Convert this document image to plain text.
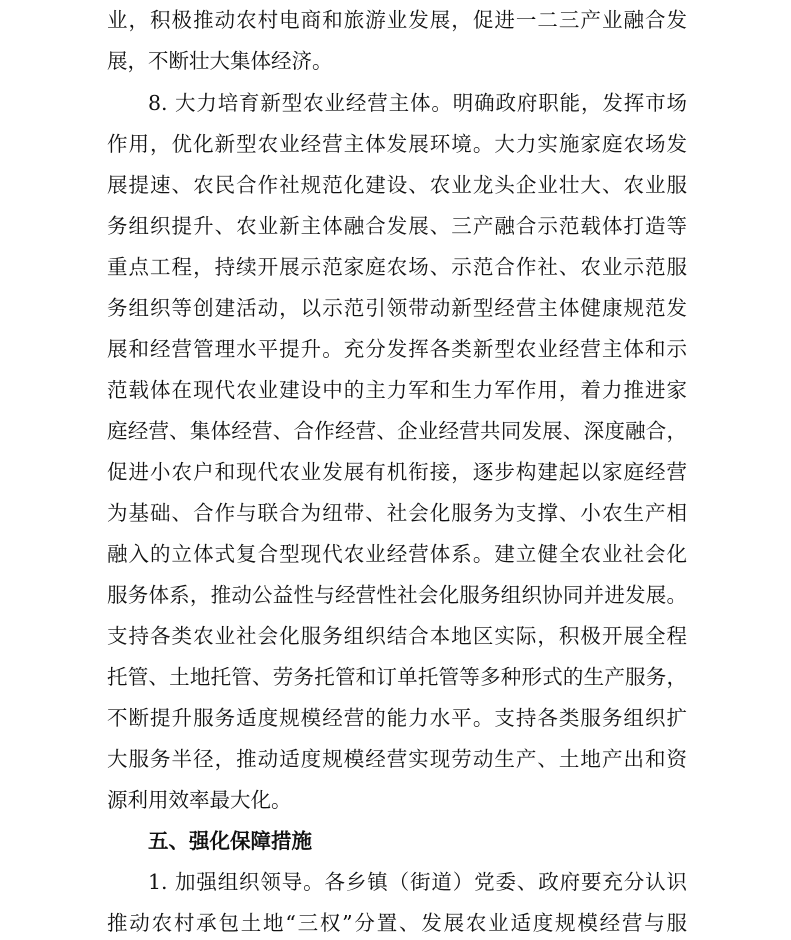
业，积极推动农村电商和旅游业发展，促进一二三产业融合发
展，不断壮大集体经济。
8. 大力培育新型农业经营主体。明确政府职能，发挥市场
作用，优化新型农业经营主体发展环境。大力实施家庭农场发
展提速、农民合作社规范化建设、农业龙头企业壮大、农业服
务组织提升、农业新主体融合发展、三产融合示范载体打造等
重点工程，持续开展示范家庭农场、示范合作社、农业示范服
务组织等创建活动，以示范引领带动新型经营主体健康规范发
展和经营管理水平提升。充分发挥各类新型农业经营主体和示
范载体在现代农业建设中的主力军和生力军作用，着力推进家
庭经营、集体经营、合作经营、企业经营共同发展、深度融合，
促进小农户和现代农业发展有机衔接，逐步构建起以家庭经营
为基础、合作与联合为纽带、社会化服务为支撑、小农生产相
融入的立体式复合型现代农业经营体系。建立健全农业社会化
服务体系，推动公益性与经营性社会化服务组织协同并进发展。
支持各类农业社会化服务组织结合本地区实际，积极开展全程
托管、土地托管、劳务托管和订单托管等多种形式的生产服务，
不断提升服务适度规模经营的能力水平。支持各类服务组织扩
大服务半径，推动适度规模经营实现劳动生产、土地产出和资
源利用效率最大化。
五、强化保障措施
1. 加强组织领导。各乡镇（街道）党委、政府要充分认识
推动农村承包土地“三权”分置、发展农业适度规模经营与服
